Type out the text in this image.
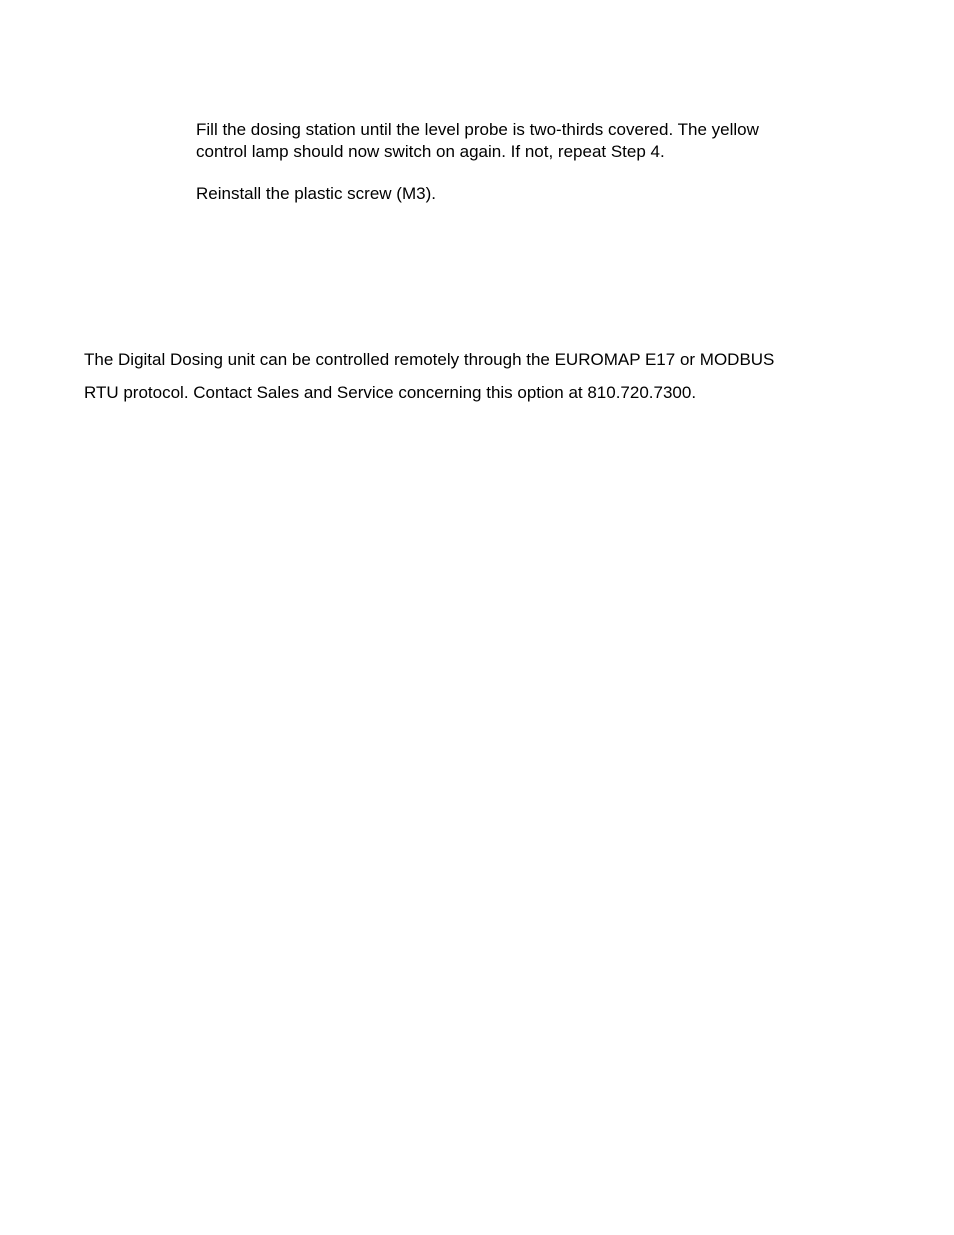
Fill the dosing station until the level probe is two-thirds covered. The yellow
control lamp should now switch on again. If not, repeat Step 4.

Reinstall the plastic screw (M3).

The Digital Dosing unit can be controlled remotely through the EUROMAP E17 or MODBUS
RTU protocol. Contact Sales and Service concerning this option at 810.720.7300.
